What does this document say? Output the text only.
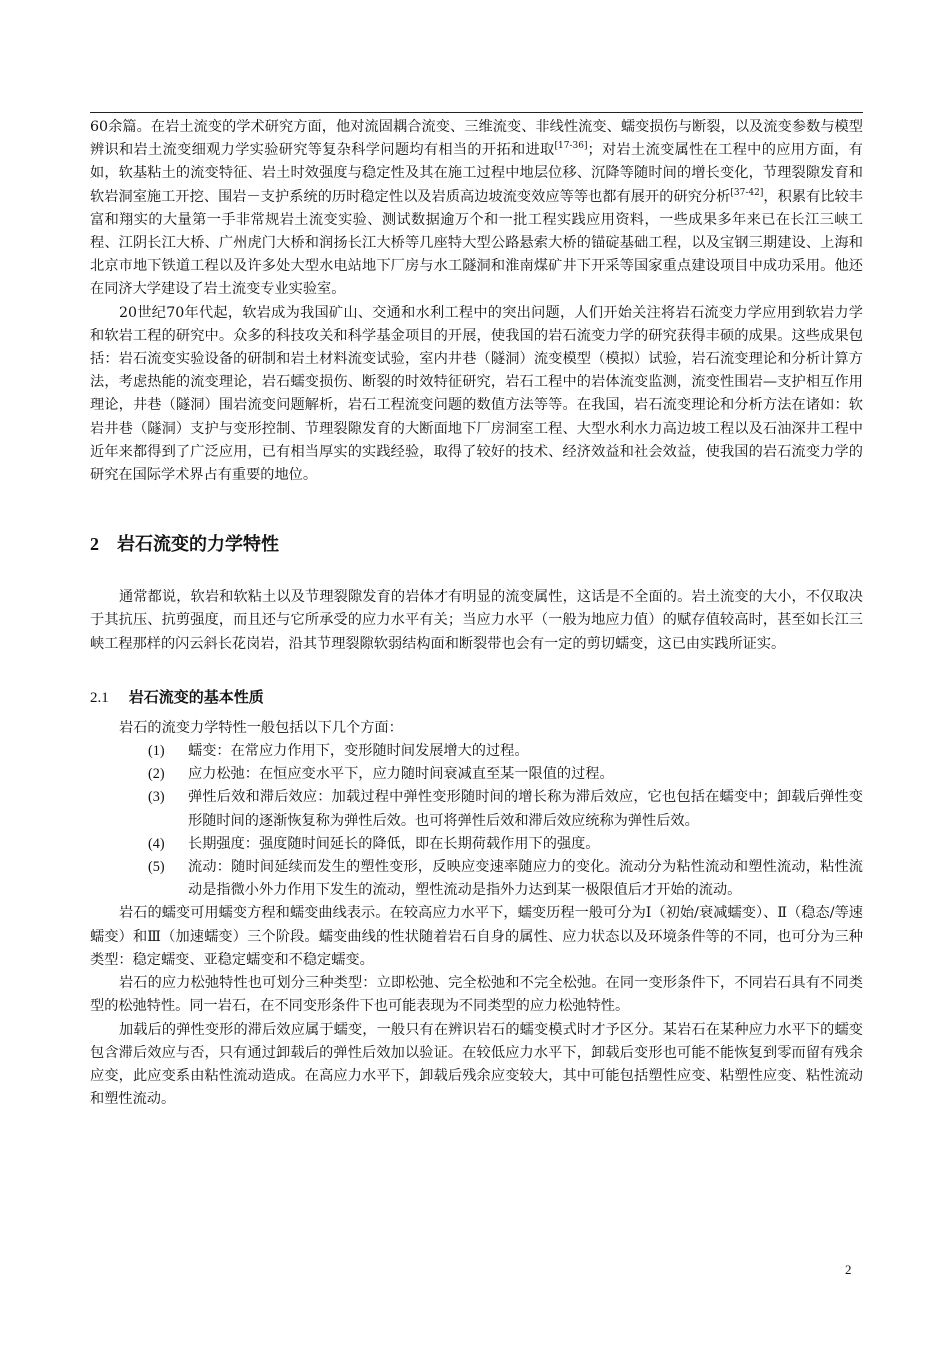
60余篇。在岩土流变的学术研究方面，他对流固耦合流变、三维流变、非线性流变、蠕变损伤与断裂，以及流变参数与模型辨识和岩土流变细观力学实验研究等复杂科学问题均有相当的开拓和进取[17-36]；对岩土流变属性在工程中的应用方面，有如，软基粘土的流变特征、岩土时效强度与稳定性及其在施工过程中地层位移、沉降等随时间的增长变化，节理裂隙发育和软岩洞室施工开挖、围岩－支护系统的历时稳定性以及岩质高边坡流变效应等等也都有展开的研究分析[37-42]，积累有比较丰富和翔实的大量第一手非常规岩土流变实验、测试数据逾万个和一批工程实践应用资料，一些成果多年来已在长江三峡工程、江阴长江大桥、广州虎门大桥和润扬长江大桥等几座特大型公路悬索大桥的锚碇基础工程，以及宝钢三期建设、上海和北京市地下铁道工程以及许多处大型水电站地下厂房与水工隧洞和淮南煤矿井下开采等国家重点建设项目中成功采用。他还在同济大学建设了岩土流变专业实验室。

20世纪70年代起，软岩成为我国矿山、交通和水利工程中的突出问题，人们开始关注将岩石流变力学应用到软岩力学和软岩工程的研究中。众多的科技攻关和科学基金项目的开展，使我国的岩石流变力学的研究获得丰硕的成果。这些成果包括：岩石流变实验设备的研制和岩土材料流变试验，室内井巷（隧洞）流变模型（模拟）试验，岩石流变理论和分析计算方法，考虑热能的流变理论，岩石蠕变损伤、断裂的时效特征研究，岩石工程中的岩体流变监测，流变性围岩—支护相互作用理论，井巷（隧洞）围岩流变问题解析，岩石工程流变问题的数值方法等等。在我国，岩石流变理论和分析方法在诸如：软岩井巷（隧洞）支护与变形控制、节理裂隙发育的大断面地下厂房洞室工程、大型水利水力高边坡工程以及石油深井工程中近年来都得到了广泛应用，已有相当厚实的实践经验，取得了较好的技术、经济效益和社会效益，使我国的岩石流变力学的研究在国际学术界占有重要的地位。

2 岩石流变的力学特性

通常都说，软岩和软粘土以及节理裂隙发育的岩体才有明显的流变属性，这话是不全面的。岩土流变的大小，不仅取决于其抗压、抗剪强度，而且还与它所承受的应力水平有关；当应力水平（一般为地应力值）的赋存值较高时，甚至如长江三峡工程那样的闪云斜长花岗岩，沿其节理裂隙软弱结构面和断裂带也会有一定的剪切蠕变，这已由实践所证实。

2.1 岩石流变的基本性质

岩石的流变力学特性一般包括以下几个方面：

(1) 蠕变：在常应力作用下，变形随时间发展增大的过程。
(2) 应力松弛：在恒应变水平下，应力随时间衰减直至某一限值的过程。
(3) 弹性后效和滞后效应：加载过程中弹性变形随时间的增长称为滞后效应，它也包括在蠕变中；卸载后弹性变形随时间的逐渐恢复称为弹性后效。也可将弹性后效和滞后效应统称为弹性后效。
(4) 长期强度：强度随时间延长的降低，即在长期荷载作用下的强度。
(5) 流动：随时间延续而发生的塑性变形，反映应变速率随应力的变化。流动分为粘性流动和塑性流动，粘性流动是指微小外力作用下发生的流动，塑性流动是指外力达到某一极限值后才开始的流动。

岩石的蠕变可用蠕变方程和蠕变曲线表示。在较高应力水平下，蠕变历程一般可分为Ⅰ（初始/衰减蠕变）、Ⅱ（稳态/等速蠕变）和Ⅲ（加速蠕变）三个阶段。蠕变曲线的性状随着岩石自身的属性、应力状态以及环境条件等的不同，也可分为三种类型：稳定蠕变、亚稳定蠕变和不稳定蠕变。

岩石的应力松弛特性也可划分三种类型：立即松弛、完全松弛和不完全松弛。在同一变形条件下，不同岩石具有不同类型的松弛特性。同一岩石，在不同变形条件下也可能表现为不同类型的应力松弛特性。

加载后的弹性变形的滞后效应属于蠕变，一般只有在辨识岩石的蠕变模式时才予区分。某岩石在某种应力水平下的蠕变包含滞后效应与否，只有通过卸载后的弹性后效加以验证。在较低应力水平下，卸载后变形也可能不能恢复到零而留有残余应变，此应变系由粘性流动造成。在高应力水平下，卸载后残余应变较大，其中可能包括塑性应变、粘塑性应变、粘性流动和塑性流动。

2
